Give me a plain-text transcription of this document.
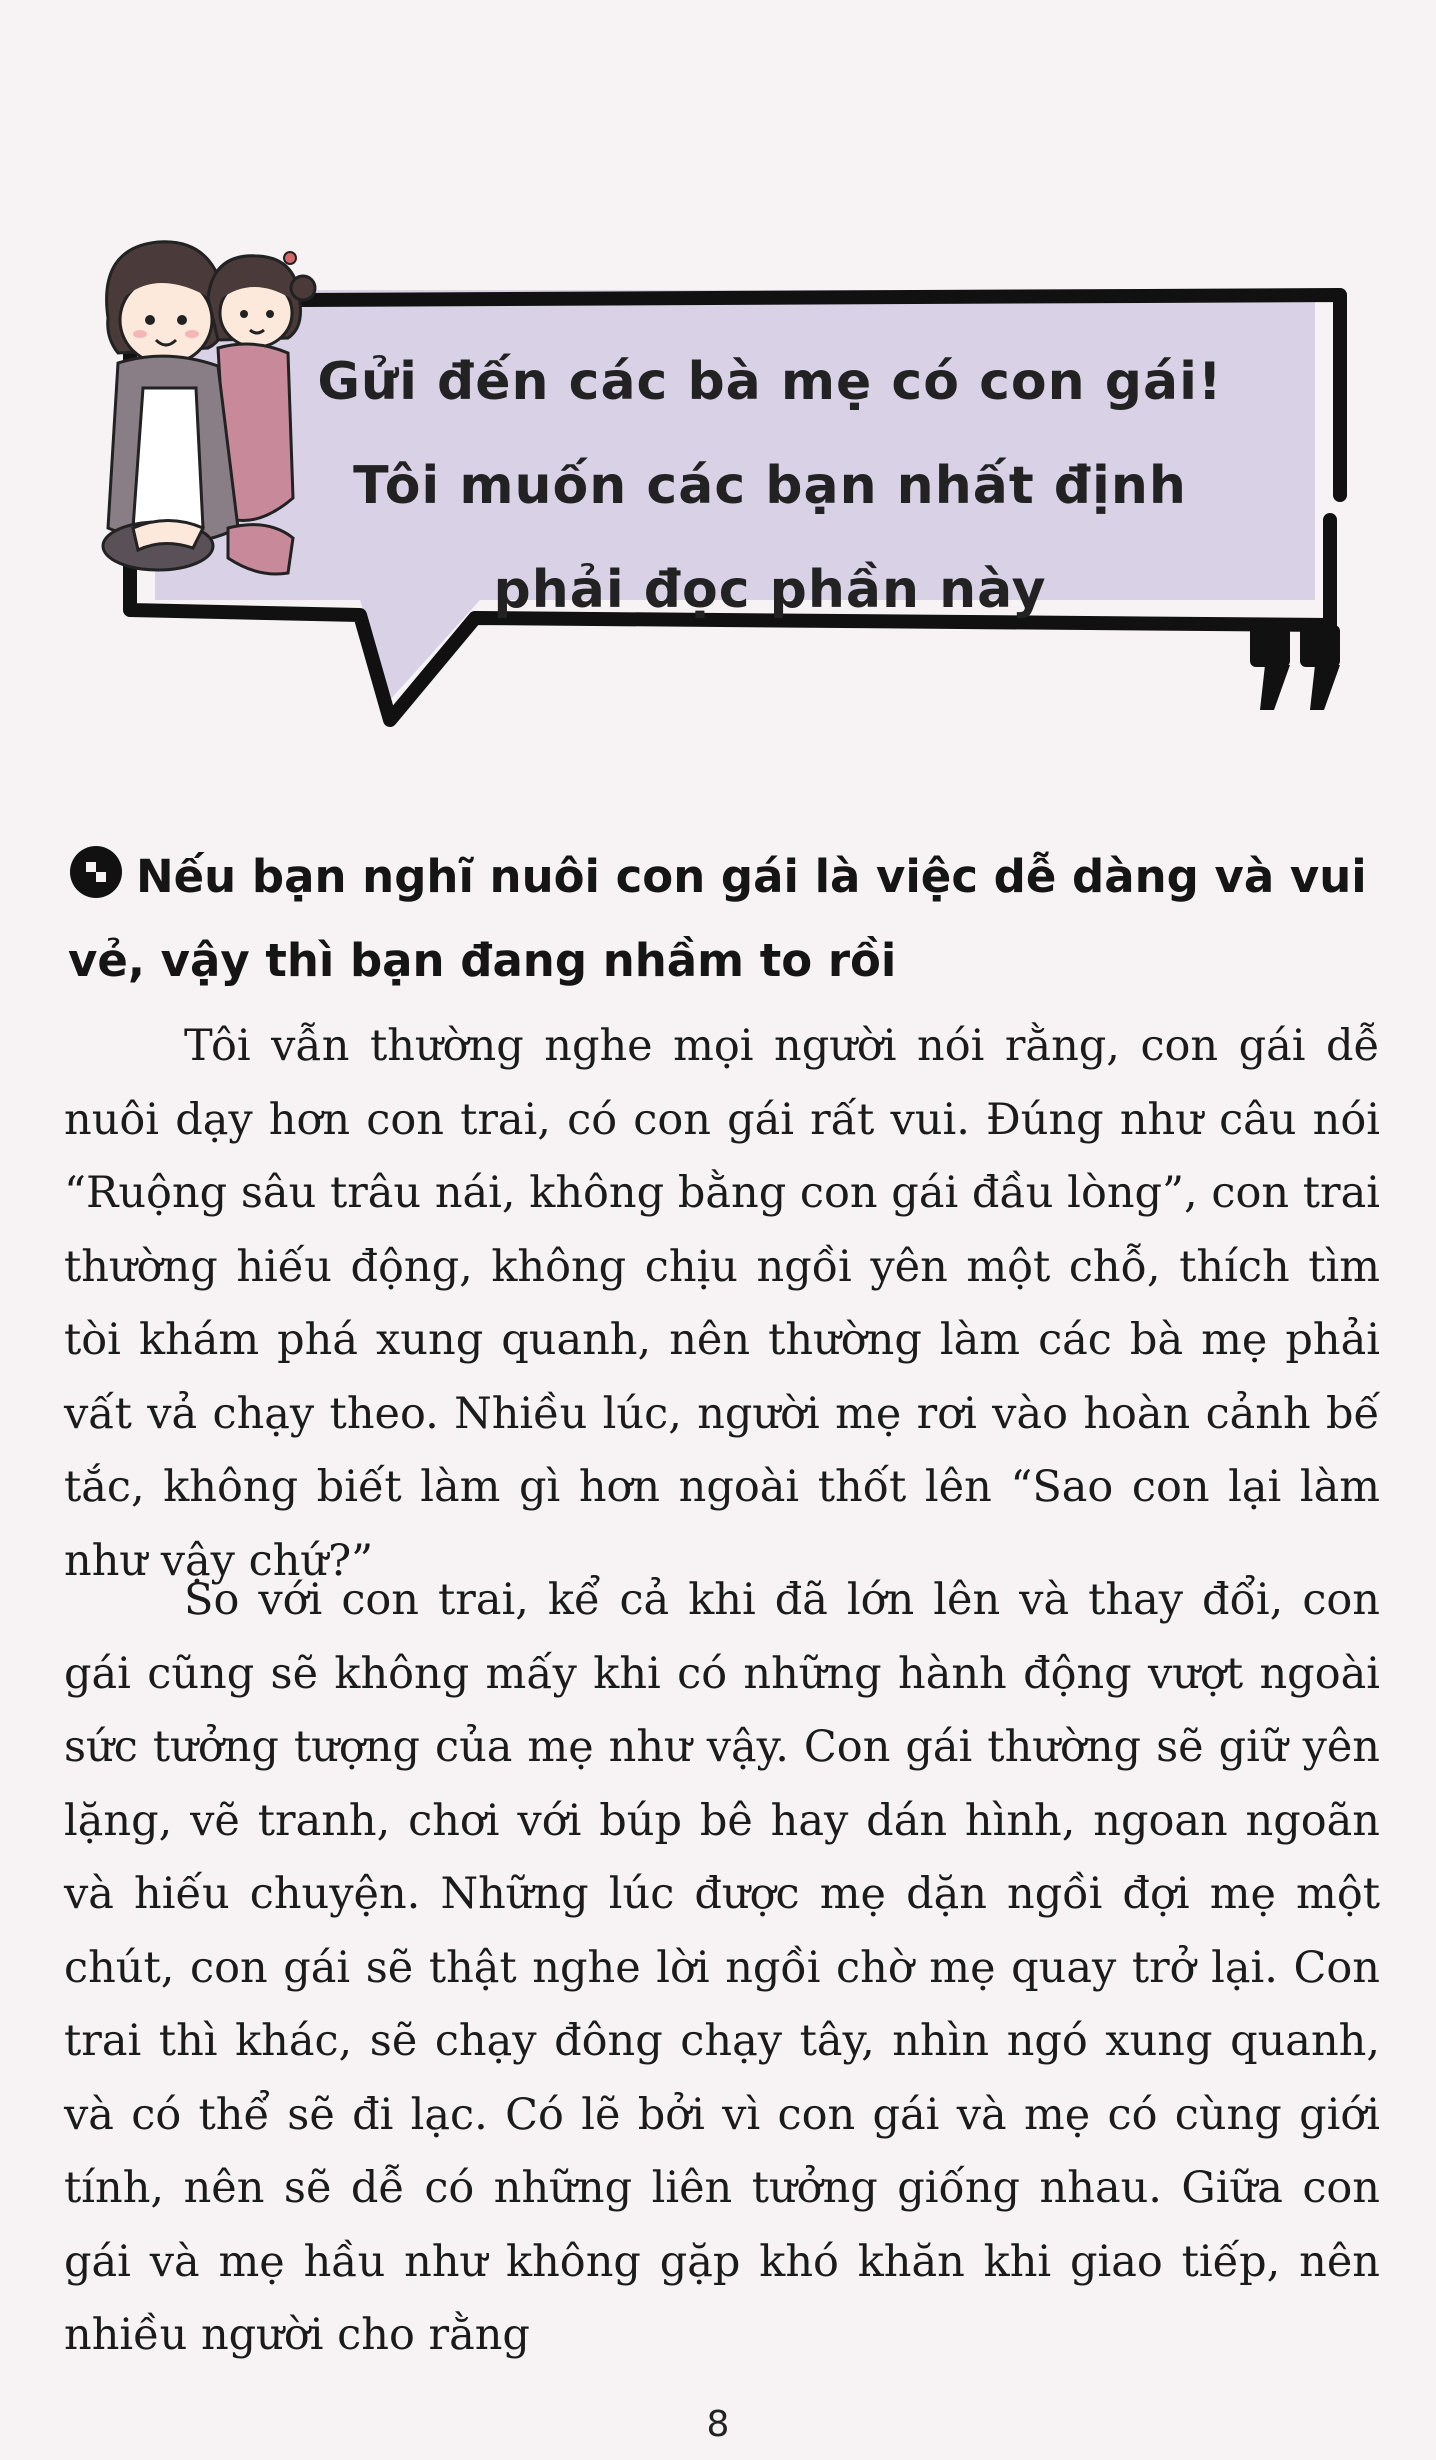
Gửi đến các bà mẹ có con gái!
Tôi muốn các bạn nhất định
phải đọc phần này
Nếu bạn nghĩ nuôi con gái là việc dễ dàng và vui
vẻ, vậy thì bạn đang nhầm to rồi

Tôi vẫn thường nghe mọi người nói rằng, con gái dễ nuôi dạy hơn con trai, có con gái rất vui. Đúng như câu nói “Ruộng sâu trâu nái, không bằng con gái đầu lòng”, con trai thường hiếu động, không chịu ngồi yên một chỗ, thích tìm tòi khám phá xung quanh, nên thường làm các bà mẹ phải vất vả chạy theo. Nhiều lúc, người mẹ rơi vào hoàn cảnh bế tắc, không biết làm gì hơn ngoài thốt lên “Sao con lại làm như vậy chứ?”

So với con trai, kể cả khi đã lớn lên và thay đổi, con gái cũng sẽ không mấy khi có những hành động vượt ngoài sức tưởng tượng của mẹ như vậy. Con gái thường sẽ giữ yên lặng, vẽ tranh, chơi với búp bê hay dán hình, ngoan ngoãn và hiếu chuyện. Những lúc được mẹ dặn ngồi đợi mẹ một chút, con gái sẽ thật nghe lời ngồi chờ mẹ quay trở lại. Con trai thì khác, sẽ chạy đông chạy tây, nhìn ngó xung quanh, và có thể sẽ đi lạc. Có lẽ bởi vì con gái và mẹ có cùng giới tính, nên sẽ dễ có những liên tưởng giống nhau. Giữa con gái và mẹ hầu như không gặp khó khăn khi giao tiếp, nên nhiều người cho rằng

8
